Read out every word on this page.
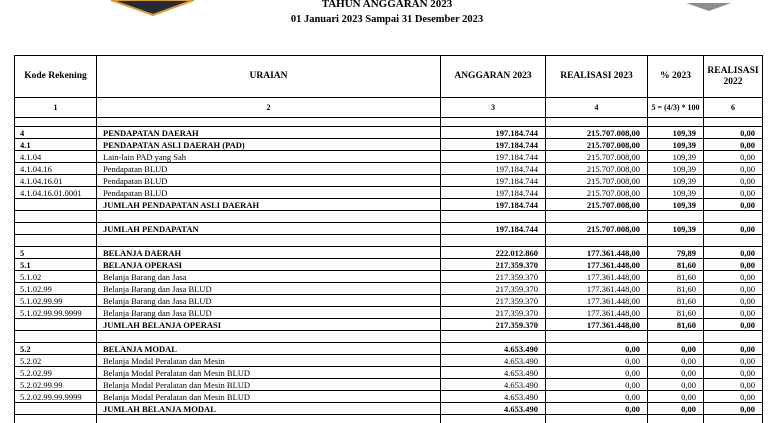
TAHUN ANGGARAN 2023
01 Januari 2023 Sampai 31 Desember 2023
Kode Rekening	URAIAN	ANGGARAN 2023	REALISASI 2023	% 2023	REALISASI 2022
1	2	3	4	5 = (4/3) * 100	6

4	PENDAPATAN DAERAH	197.184.744	215.707.008,00	109,39	0,00
4.1	PENDAPATAN ASLI DAERAH (PAD)	197.184.744	215.707.008,00	109,39	0,00
4.1.04	Lain-lain PAD yang Sah	197.184.744	215.707.008,00	109,39	0,00
4.1.04.16	Pendapatan BLUD	197.184.744	215.707.008,00	109,39	0,00
4.1.04.16.01	Pendapatan BLUD	197.184.744	215.707.008,00	109,39	0,00
4.1.04.16.01.0001	Pendapatan BLUD	197.184.744	215.707.008,00	109,39	0,00
	JUMLAH PENDAPATAN ASLI DAERAH	197.184.744	215.707.008,00	109,39	0,00

	JUMLAH PENDAPATAN	197.184.744	215.707.008,00	109,39	0,00

5	BELANJA DAERAH	222.012.860	177.361.448,00	79,89	0,00
5.1	BELANJA OPERASI	217.359.370	177.361.448,00	81,60	0,00
5.1.02	Belanja Barang dan Jasa	217.359.370	177.361.448,00	81,60	0,00
5.1.02.99	Belanja Barang dan Jasa BLUD	217.359.370	177.361.448,00	81,60	0,00
5.1.02.99.99	Belanja Barang dan Jasa BLUD	217.359.370	177.361.448,00	81,60	0,00
5.1.02.99.99.9999	Belanja Barang dan Jasa BLUD	217.359.370	177.361.448,00	81,60	0,00
	JUMLAH BELANJA OPERASI	217.359.370	177.361.448,00	81,60	0,00

5.2	BELANJA MODAL	4.653.490	0,00	0,00	0,00
5.2.02	Belanja Modal Peralatan dan Mesin	4.653.490	0,00	0,00	0,00
5.2.02.99	Belanja Modal Peralatan dan Mesin BLUD	4.653.490	0,00	0,00	0,00
5.2.02.99.99	Belanja Modal Peralatan dan Mesin BLUD	4.653.490	0,00	0,00	0,00
5.2.02.99.99.9999	Belanja Modal Peralatan dan Mesin BLUD	4.653.490	0,00	0,00	0,00
	JUMLAH BELANJA MODAL	4.653.490	0,00	0,00	0,00
